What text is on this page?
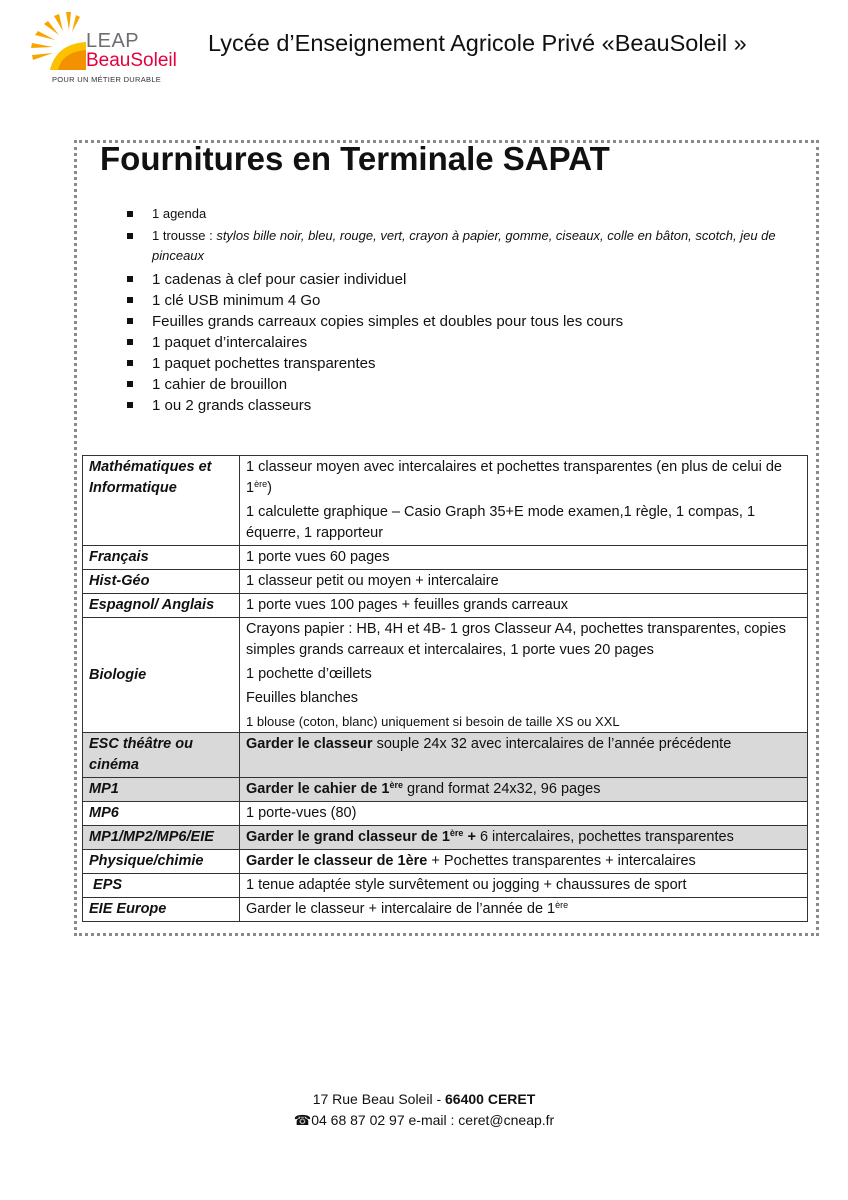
LEAP
BeauSoleil
POUR UN MÉTIER DURABLE
Lycée d’Enseignement Agricole Privé «BeauSoleil »
Fournitures en Terminale SAPAT
1 agenda
1 trousse : stylos bille noir, bleu, rouge, vert, crayon à papier, gomme, ciseaux, colle en bâton, scotch, jeu de pinceaux
1 cadenas à clef pour casier individuel
1 clé USB minimum 4 Go
Feuilles grands carreaux copies simples et doubles pour tous les cours
1 paquet d’intercalaires
1 paquet pochettes transparentes
1 cahier de brouillon
1 ou 2 grands classeurs
Mathématiques et Informatique	1 classeur moyen avec intercalaires et pochettes transparentes (en plus de celui de 1ère)
1 calculette graphique – Casio Graph 35+E mode examen,1 règle, 1 compas, 1 équerre, 1 rapporteur

Français	1 porte vues 60 pages
Hist-Géo	1 classeur petit ou moyen + intercalaire
Espagnol/ Anglais	1 porte vues 100 pages + feuilles grands carreaux
Biologie	Crayons papier : HB, 4H et 4B- 1 gros Classeur A4, pochettes transparentes, copies simples grands carreaux et intercalaires, 1 porte vues 20 pages
1 pochette d’œillets
Feuilles blanches
1 blouse (coton, blanc) uniquement si besoin de taille XS ou XXL

ESC théâtre ou cinéma	Garder le classeur souple 24x 32 avec intercalaires de l’année précédente
MP1	Garder le cahier de 1ère grand format 24x32, 96 pages
MP6	1 porte-vues (80)
MP1/MP2/MP6/EIE	Garder le grand classeur de 1ère + 6 intercalaires, pochettes transparentes
Physique/chimie	Garder le classeur de 1ère + Pochettes transparentes + intercalaires
EPS	1 tenue adaptée style survêtement ou jogging + chaussures de sport
EIE Europe	Garder le classeur + intercalaire de l’année de 1ère
17 Rue Beau Soleil - 66400 CERET
☎04 68 87 02 97 e-mail : ceret@cneap.fr
